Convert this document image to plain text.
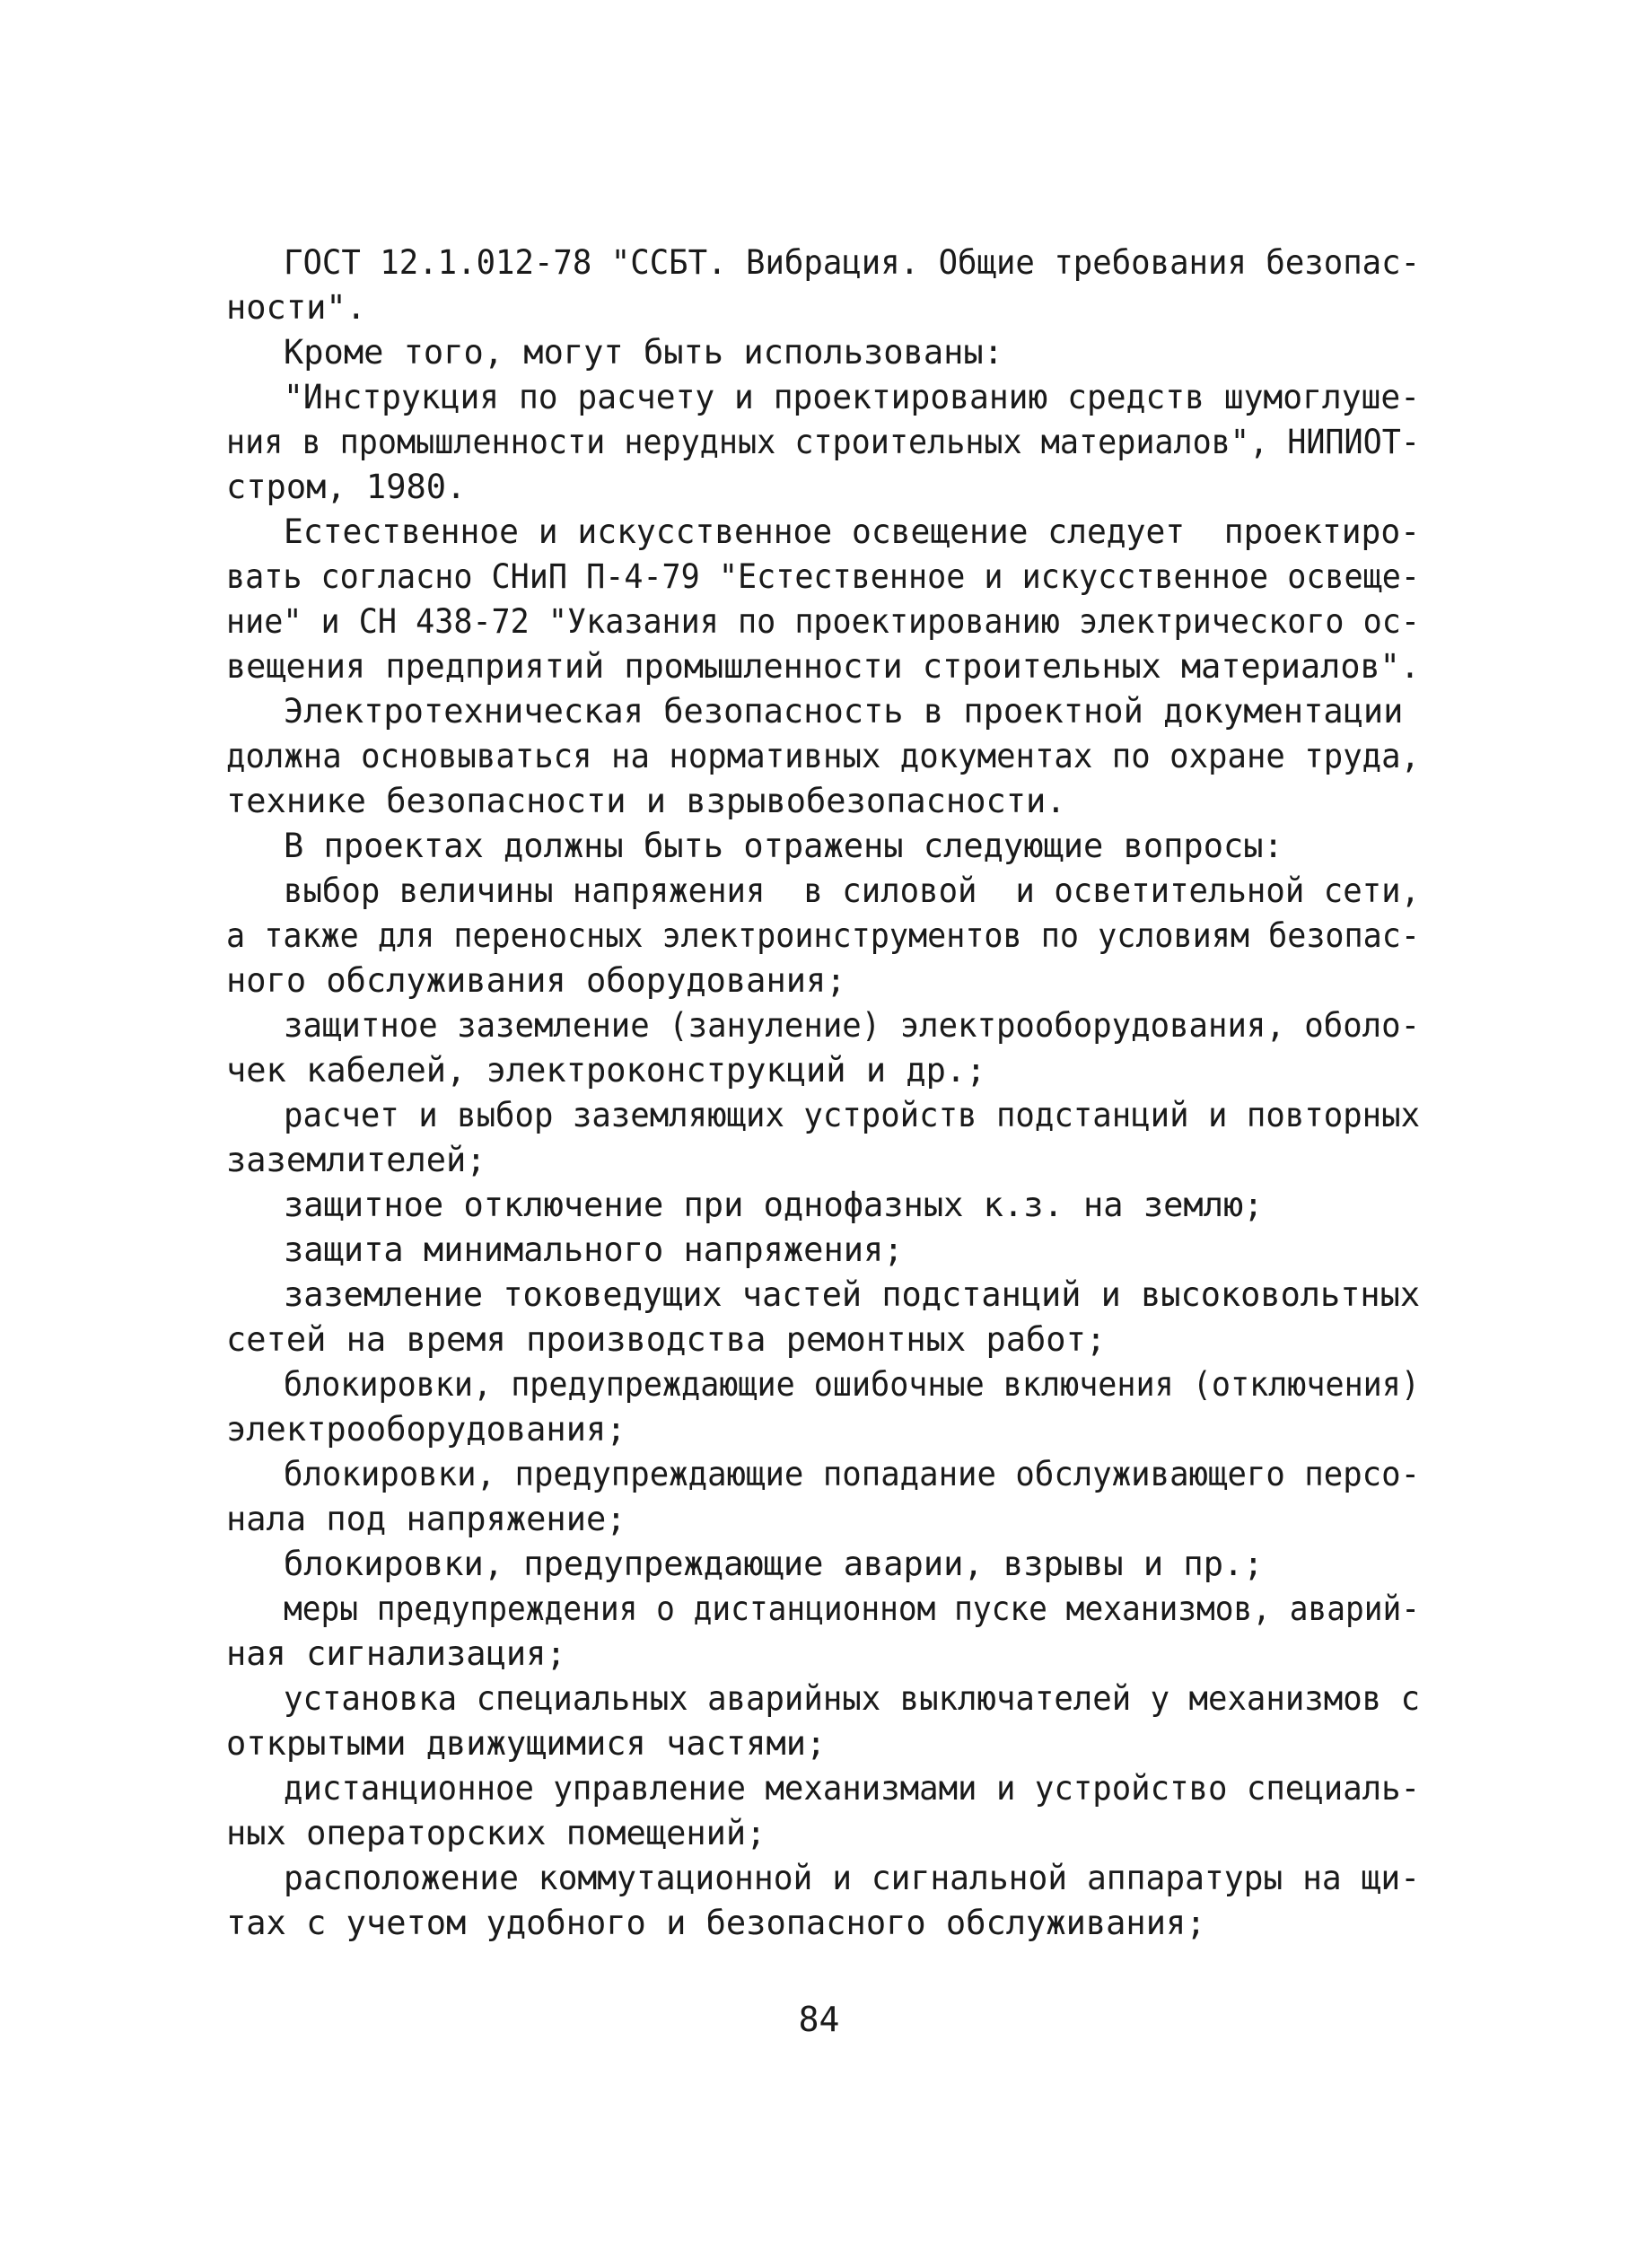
ГОСТ 12.1.012-78 "ССБТ. Вибрация. Общие требования безопас-
ности".
Кроме того, могут быть использованы:
"Инструкция по расчету и проектированию средств шумоглуше-
ния в промышленности нерудных строительных материалов", НИПИОТ-
стром, 1980.
Естественное и искусственное освещение следует  проектиро-
вать согласно СНиП П-4-79 "Естественное и искусственное освеще-
ние" и СН 438-72 "Указания по проектированию электрического ос-
вещения предприятий промышленности строительных материалов".
Электротехническая безопасность в проектной документации
должна основываться на нормативных документах по охране труда,
технике безопасности и взрывобезопасности.
В проектах должны быть отражены следующие вопросы:
выбор величины напряжения  в силовой  и осветительной сети,
а также для переносных электроинструментов по условиям безопас-
ного обслуживания оборудования;
защитное заземление (зануление) электрооборудования, оболо-
чек кабелей, электроконструкций и др.;
расчет и выбор заземляющих устройств подстанций и повторных
заземлителей;
защитное отключение при однофазных к.з. на землю;
защита минимального напряжения;
заземление токоведущих частей подстанций и высоковольтных
сетей на время производства ремонтных работ;
блокировки, предупреждающие ошибочные включения (отключения)
электрооборудования;
блокировки, предупреждающие попадание обслуживающего персо-
нала под напряжение;
блокировки, предупреждающие аварии, взрывы и пр.;
меры предупреждения о дистанционном пуске механизмов, аварий-
ная сигнализация;
установка специальных аварийных выключателей у механизмов с
открытыми движущимися частями;
дистанционное управление механизмами и устройство специаль-
ных операторских помещений;
расположение коммутационной и сигнальной аппаратуры на щи-
тах с учетом удобного и безопасного обслуживания;
84
